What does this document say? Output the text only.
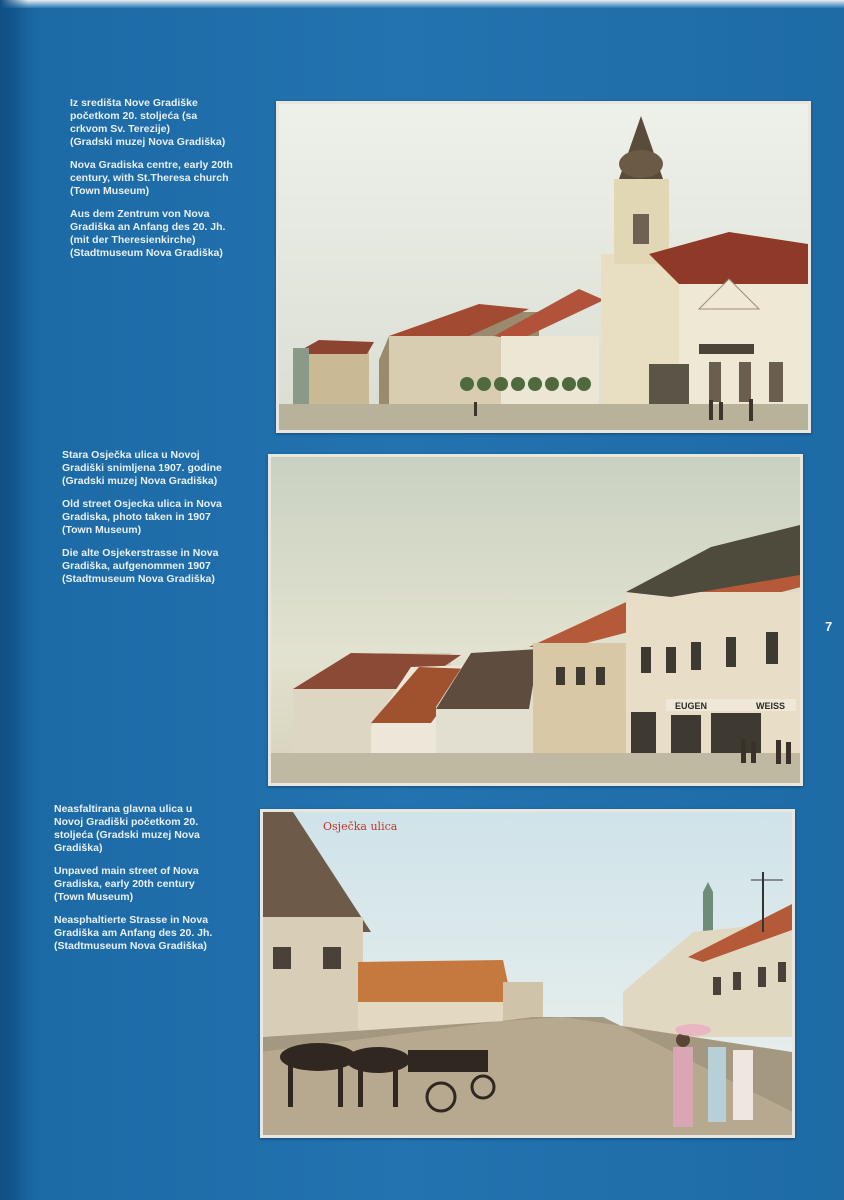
Iz središta Nove Gradiške
početkom 20. stoljeća (sa
crkvom Sv. Terezije)
(Gradski muzej Nova Gradiška)

Nova Gradiska centre, early 20th
century, with St.Theresa church
(Town Museum)

Aus dem Zentrum von Nova
Gradiška an Anfang des 20. Jh.
(mit der Theresienkirche)
(Stadtmuseum Nova Gradiška)

Stara Osječka ulica u Novoj
Gradiški snimljena 1907. godine
(Gradski muzej Nova Gradiška)

Old street Osjecka ulica in Nova
Gradiska, photo taken in 1907
(Town Museum)

Die alte Osjekerstrasse in Nova
Gradiška, aufgenommen 1907
(Stadtmuseum Nova Gradiška)

EUGEN	WEISS
7

Neasfaltirana glavna ulica u
Novoj Gradiški početkom 20.
stoljeća (Gradski muzej Nova
Gradiška)

Unpaved main street of Nova
Gradiska, early 20th century
(Town Museum)

Neasphaltierte Strasse in Nova
Gradiška am Anfang des 20. Jh.
(Stadtmuseum Nova Gradiška)

Osječka ulica
